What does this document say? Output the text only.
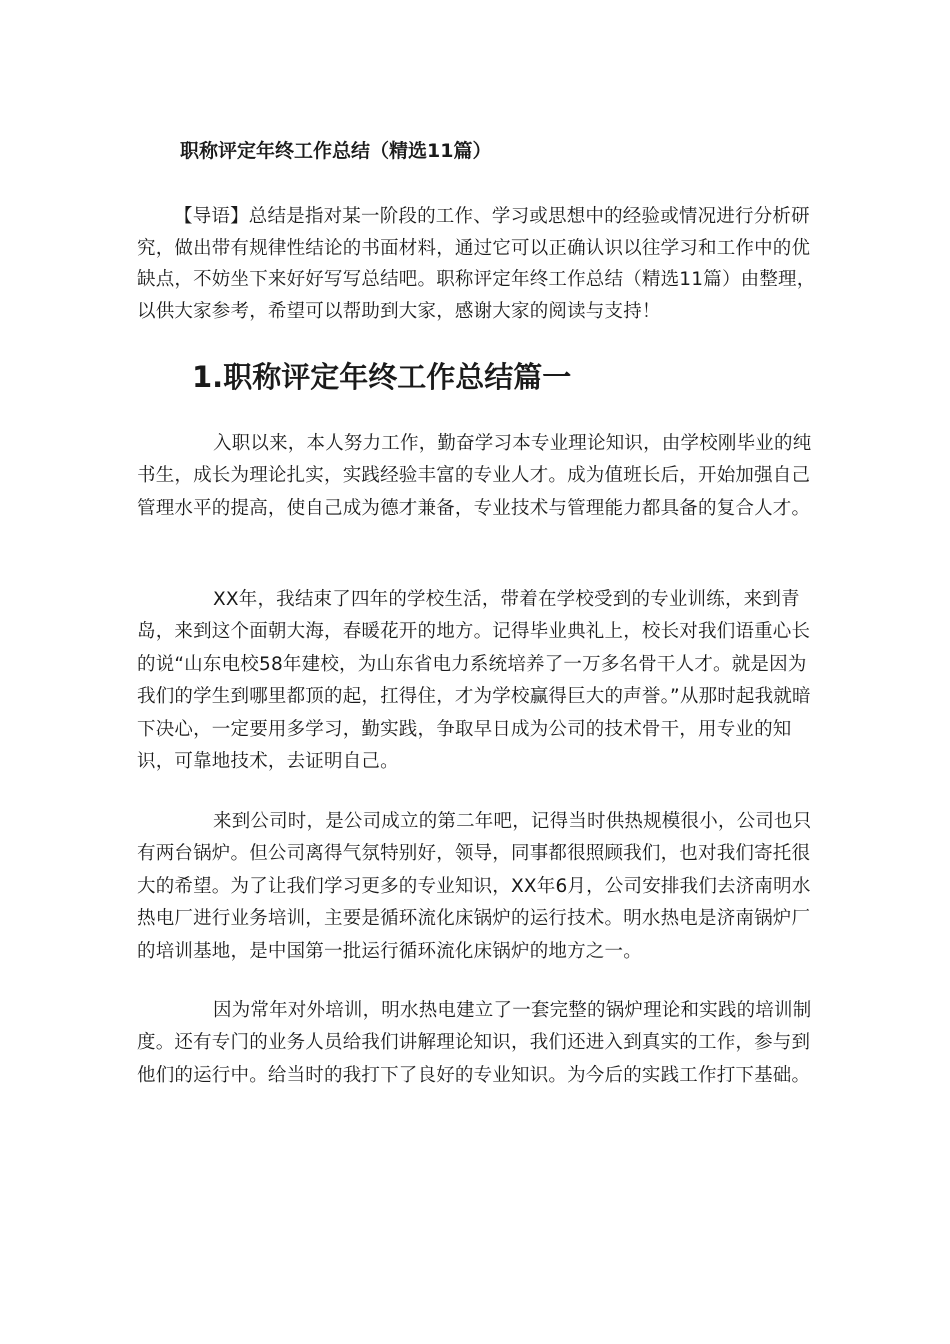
职称评定年终工作总结（精选11篇）
【导语】总结是指对某一阶段的工作、学习或思想中的经验或情况进行分析研究，做出带有规律性结论的书面材料，通过它可以正确认识以往学习和工作中的优缺点，不妨坐下来好好写写总结吧。职称评定年终工作总结（精选11篇）由整理，以供大家参考，希望可以帮助到大家，感谢大家的阅读与支持！
1.职称评定年终工作总结篇一

入职以来，本人努力工作，勤奋学习本专业理论知识，由学校刚毕业的纯书生，成长为理论扎实，实践经验丰富的专业人才。成为值班长后，开始加强自己管理水平的提高，使自己成为德才兼备，专业技术与管理能力都具备的复合人才。

XX年，我结束了四年的学校生活，带着在学校受到的专业训练，来到青岛，来到这个面朝大海，春暖花开的地方。记得毕业典礼上，校长对我们语重心长的说“山东电校58年建校，为山东省电力系统培养了一万多名骨干人才。就是因为我们的学生到哪里都顶的起，扛得住，才为学校赢得巨大的声誉。”从那时起我就暗下决心，一定要用多学习，勤实践，争取早日成为公司的技术骨干，用专业的知识，可靠地技术，去证明自己。

来到公司时，是公司成立的第二年吧，记得当时供热规模很小，公司也只有两台锅炉。但公司离得气氛特别好，领导，同事都很照顾我们，也对我们寄托很大的希望。为了让我们学习更多的专业知识，XX年6月，公司安排我们去济南明水热电厂进行业务培训，主要是循环流化床锅炉的运行技术。明水热电是济南锅炉厂的培训基地，是中国第一批运行循环流化床锅炉的地方之一。

因为常年对外培训，明水热电建立了一套完整的锅炉理论和实践的培训制度。还有专门的业务人员给我们讲解理论知识，我们还进入到真实的工作，参与到他们的运行中。给当时的我打下了良好的专业知识。为今后的实践工作打下基础。
